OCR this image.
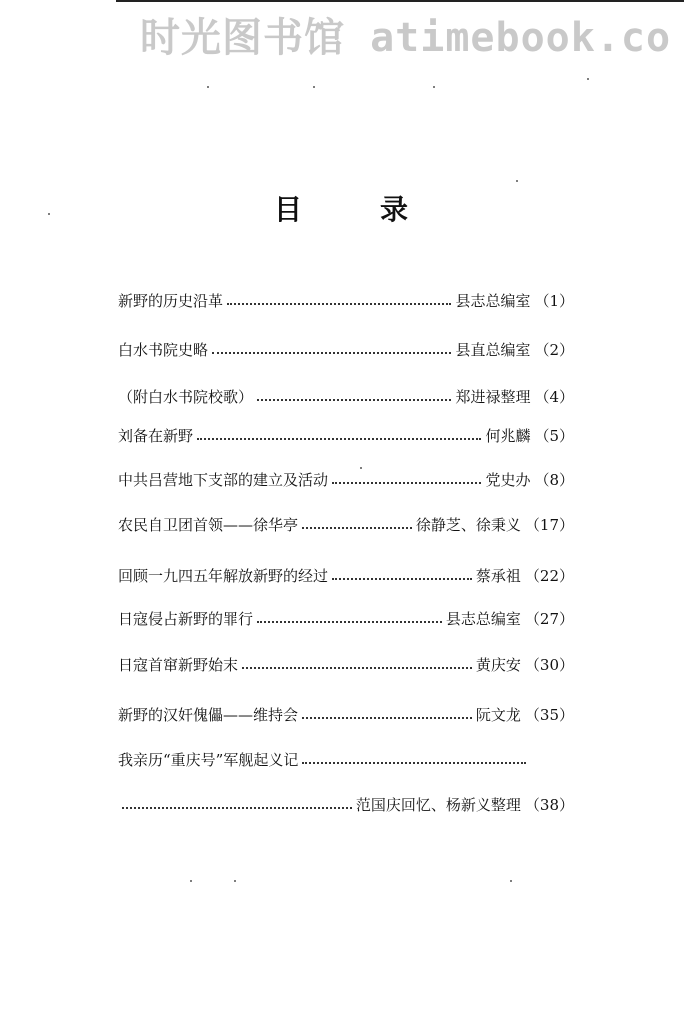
时光图书馆 atimebook.co
目	录
新野的历史沿革	县志总编室 （1）
白水书院史略	县直总编室 （2）
（附白水书院校歌）	郑进禄整理 （4）
刘备在新野	何兆麟 （5）
中共吕营地下支部的建立及活动	党史办 （8）
农民自卫团首领——徐华亭	徐静芝、徐秉义 （17）
回顾一九四五年解放新野的经过	蔡承祖 （22）
日寇侵占新野的罪行	县志总编室 （27）
日寇首窜新野始末	黄庆安 （30）
新野的汉奸傀儡——维持会	阮文龙 （35）
我亲历“重庆号”军舰起义记
范国庆回忆、杨新义整理 （38）
